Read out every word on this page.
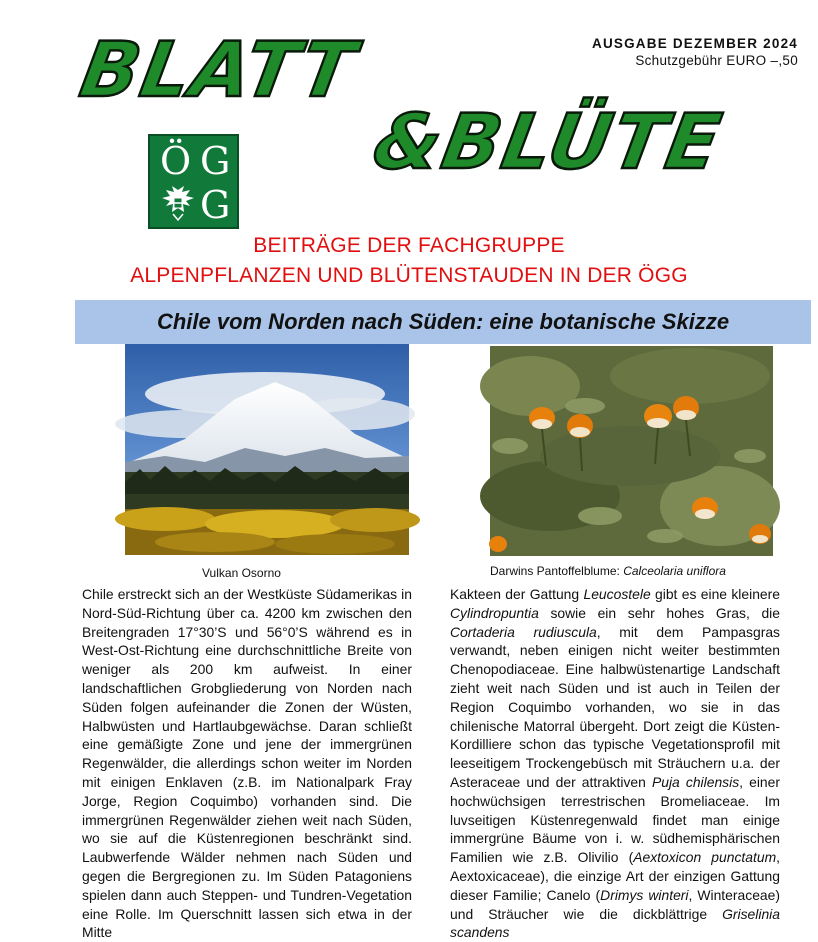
BLATT
&BLÜTE
AUSGABE DEZEMBER 2024
Schutzgebühr EURO –,50
Ö G
G
BEITRÄGE DER FACHGRUPPE
ALPENPFLANZEN UND BLÜTENSTAUDEN IN DER ÖGG
Chile vom Norden nach Süden: eine botanische Skizze
Vulkan Osorno	Darwins Pantoffelblume: Calceolaria uniflora

Chile erstreckt sich an der Westküste Südamerikas in Nord-Süd-Richtung über ca. 4200 km zwischen den Breitengraden 17°30’S und 56°0’S während es in West-Ost-Richtung eine durchschnittliche Breite von weniger als 200 km aufweist. In einer landschaftlichen Grobgliederung von Norden nach Süden folgen aufeinander die Zonen der Wüsten, Halbwüsten und Hartlaubgewächse. Daran schließt eine gemäßigte Zone und jene der immergrünen Regenwälder, die allerdings schon weiter im Norden mit einigen Enklaven (z.B. im Nationalpark Fray Jorge, Region Coquimbo) vorhanden sind. Die immergrünen Regenwälder ziehen weit nach Süden, wo sie auf die Küstenregionen beschränkt sind. Laubwerfende Wälder nehmen nach Süden und gegen die Bergregionen zu. Im Süden Patagoniens spielen dann auch Steppen- und Tundren-Vegetation eine Rolle. Im Querschnitt lassen sich etwa in der Mitte

Kakteen der Gattung Leucostele gibt es eine kleinere Cylindropuntia sowie ein sehr hohes Gras, die Cortaderia rudiuscula, mit dem Pampasgras verwandt, neben einigen nicht weiter bestimmten Chenopodiaceae. Eine halbwüstenartige Landschaft zieht weit nach Süden und ist auch in Teilen der Region Coquimbo vorhanden, wo sie in das chilenische Matorral übergeht. Dort zeigt die Küsten-Kordilliere schon das typische Vegetationsprofil mit leeseitigem Trockengebüsch mit Sträuchern u.a. der Asteraceae und der attraktiven Puja chilensis, einer hochwüchsigen terrestrischen Bromeliaceae. Im luvseitigen Küstenregenwald findet man einige immergrüne Bäume von i. w. südhemisphärischen Familien wie z.B. Olivilio (Aextoxicon punctatum, Aextoxicaceae), die einzige Art der einzigen Gattung dieser Familie; Canelo (Drimys winteri, Winteraceae) und Sträucher wie die dickblättrige Griselinia scandens
